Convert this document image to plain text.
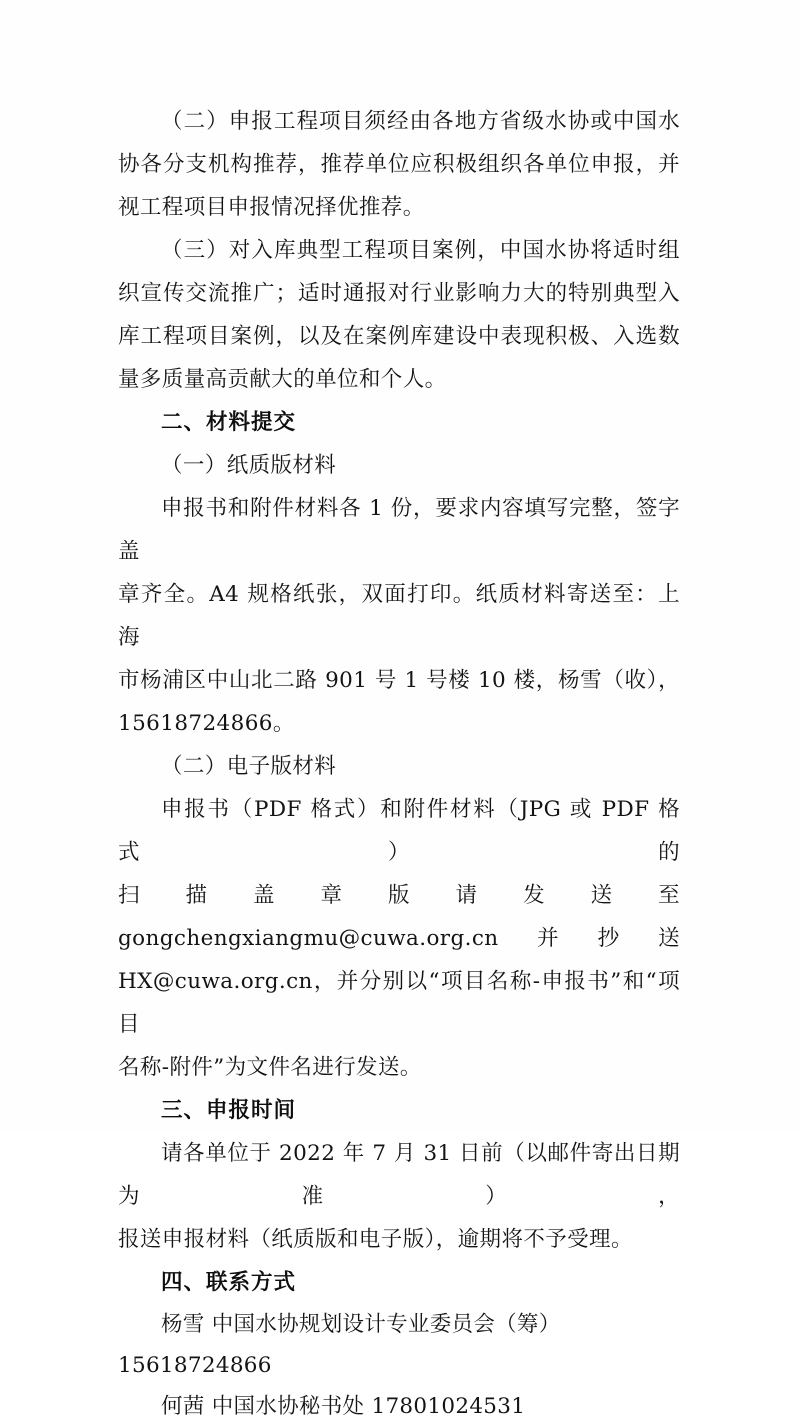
（二）申报工程项目须经由各地方省级水协或中国水协各分支机构推荐，推荐单位应积极组织各单位申报，并视工程项目申报情况择优推荐。

（三）对入库典型工程项目案例，中国水协将适时组织宣传交流推广；适时通报对行业影响力大的特别典型入库工程项目案例，以及在案例库建设中表现积极、入选数量多质量高贡献大的单位和个人。

二、材料提交

（一）纸质版材料

申报书和附件材料各 1 份，要求内容填写完整，签字盖

章齐全。A4 规格纸张，双面打印。纸质材料寄送至：上海

市杨浦区中山北二路 901 号 1 号楼 10 楼，杨雪（收），

15618724866。

（二）电子版材料

申报书（PDF 格式）和附件材料（JPG 或 PDF 格式）的

扫描盖章版请发送至 gongchengxiangmu@cuwa.org.cn并抄送

HX@cuwa.org.cn，并分别以“项目名称-申报书”和“项目

名称-附件”为文件名进行发送。

三、申报时间

请各单位于 2022 年 7 月 31 日前（以邮件寄出日期为准），

报送申报材料（纸质版和电子版），逾期将不予受理。

四、联系方式

杨雪 中国水协规划设计专业委员会（筹） 15618724866

何茜 中国水协秘书处 17801024531
